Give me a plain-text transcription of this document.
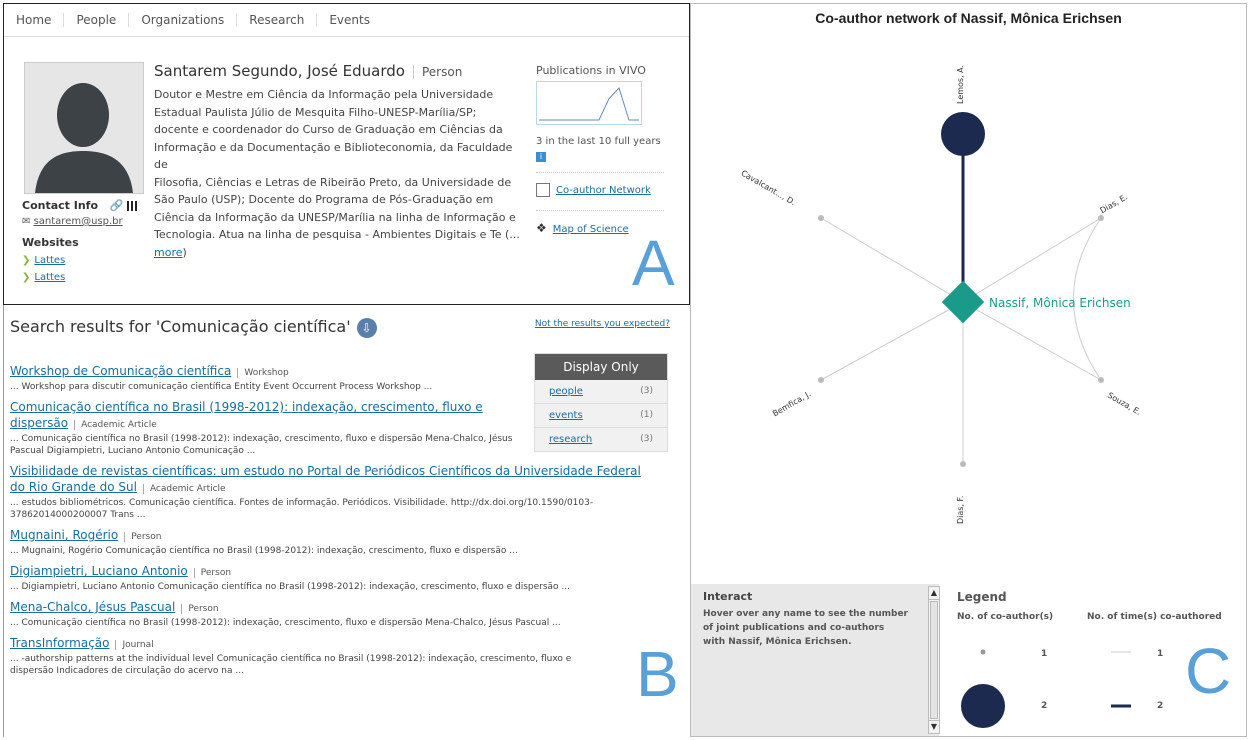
Home	People	Organizations	Research	Events
Santarem Segundo, José Eduardo Person
Doutor e Mestre em Ciência da Informação pela Universidade
Estadual Paulista Júlio de Mesquita Filho-UNESP-Marília/SP;
docente e coordenador do Curso de Graduação em Ciências da
Informação e da Documentação e Biblioteconomia, da Faculdade de
Filosofia, Ciências e Letras de Ribeirão Preto, da Universidade de
São Paulo (USP); Docente do Programa de Pós-Graduação em
Ciência da Informação da UNESP/Marília na linha de Informação e
Tecnologia. Atua na linha de pesquisa - Ambientes Digitais e Te (...
more)
Contact Info 🔗
✉ santarem@usp.br
Websites
❯ Lattes
❯ Lattes
Publications in VIVO
3 in the last 10 full years i
Co-author Network
❖ Map of Science A
Search results for 'Comunicação científica' ⇩	Not the results you expected?
Display Only
people	(3)
events	(1)
research	(3)
Workshop de Comunicação científica Workshop
... Workshop para discutir comunicação científica Entity Event Occurrent Process Workshop ...
Comunicação científica no Brasil (1998-2012): indexação, crescimento, fluxo e dispersão Academic Article
... Comunicação científica no Brasil (1998-2012): indexação, crescimento, fluxo e dispersão Mena-Chalco, Jésus Pascual Digiampietri, Luciano Antonio Comunicação ...
Visibilidade de revistas científicas: um estudo no Portal de Periódicos Científicos da Universidade Federal do Rio Grande do Sul Academic Article
... estudos bibliométricos. Comunicação científica. Fontes de informação. Periódicos. Visibilidade. http://dx.doi.org/10.1590/0103-37862014000200007 Trans ...
Mugnaini, Rogério Person
... Mugnaini, Rogério Comunicação científica no Brasil (1998-2012): indexação, crescimento, fluxo e dispersão ...
Digiampietri, Luciano Antonio Person
... Digiampietri, Luciano Antonio Comunicação científica no Brasil (1998-2012): indexação, crescimento, fluxo e dispersão ...
Mena-Chalco, Jésus Pascual Person
... Comunicação científica no Brasil (1998-2012): indexação, crescimento, fluxo e dispersão Mena-Chalco, Jésus Pascual ...
TransInformação Journal
... -authorship patterns at the individual level Comunicação científica no Brasil (1998-2012): indexação, crescimento, fluxo e dispersão Indicadores de circulação do acervo na ...	B
Co-author network of Nassif, Mônica Erichsen
Lemos, A.
Dias, E.
Souza, E.
Dias, F.
Bemfica, J.
Cavalcant..., D.
Nassif, Mônica Erichsen
Interact
Hover over any name to see the number of joint publications and co-authors with Nassif, Mônica Erichsen.
▲
▼
Legend
No. of co-author(s)	No. of time(s) co-authored
1
2
1
2 C
